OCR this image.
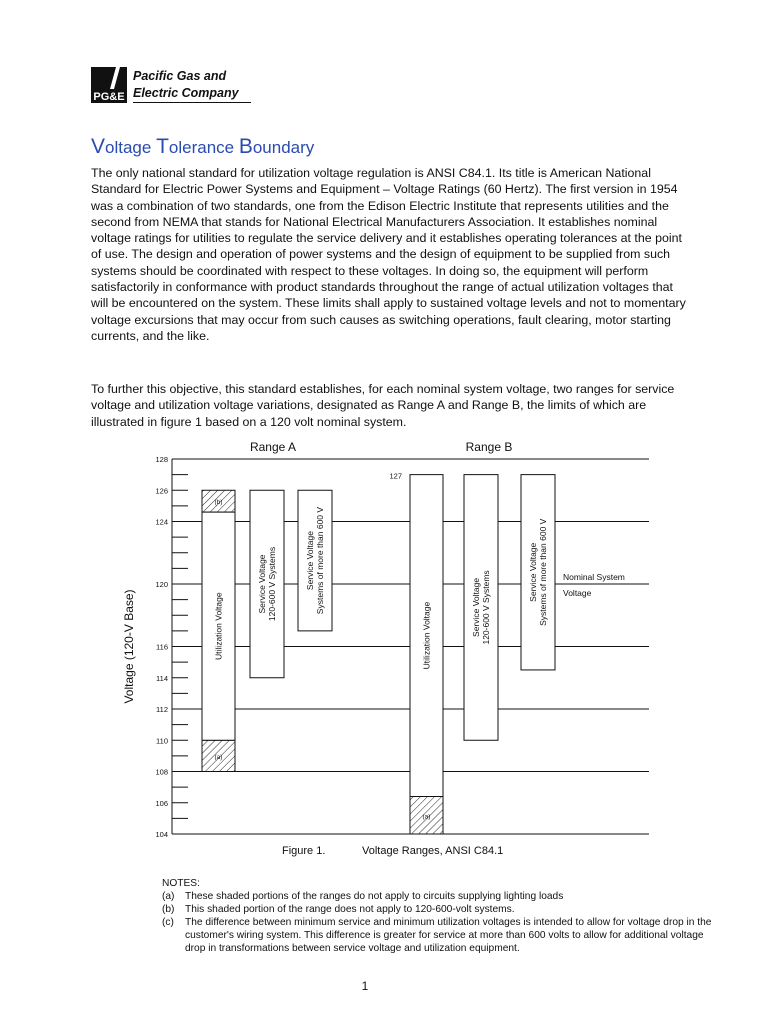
PG&E
Pacific Gas and
Electric Company
Voltage Tolerance Boundary

The only national standard for utilization voltage regulation is ANSI C84.1. Its title is American National Standard for Electric Power Systems and Equipment – Voltage Ratings (60 Hertz). The first version in 1954 was a combination of two standards, one from the Edison Electric Institute that represents utilities and the second from NEMA that stands for National Electrical Manufacturers Association. It establishes nominal voltage ratings for utilities to regulate the service delivery and it establishes operating tolerances at the point of use. The design and operation of power systems and the design of equipment to be supplied from such systems should be coordinated with respect to these voltages. In doing so, the equipment will perform satisfactorily in conformance with product standards throughout the range of actual utilization voltages that will be encountered on the system. These limits shall apply to sustained voltage levels and not to momentary voltage excursions that may occur from such causes as switching operations, fault clearing, motor starting currents, and the like.

To further this objective, this standard establishes, for each nominal system voltage, two ranges for service voltage and utilization voltage variations, designated as Range A and Range B, the limits of which are illustrated in figure 1 based on a 120 volt nominal system.

104
106
108
110
112
114
116
120
124
126
128
Voltage (120-V Base)
Range A	Range B
(b)
(a)
Utilization Voltage
Service Voltage 120-600 V Systems	Service Voltage Systems of more than 600 V
(a)
Utilization Voltage	Service Voltage 120-600 V Systems	Service Voltage Systems of more than 600 V
127
Nominal System
Voltage
Figure 1.	Voltage Ranges, ANSI C84.1
NOTES:
(a)	These shaded portions of the ranges do not apply to circuits supplying lighting loads
(b)	This shaded portion of the range does not apply to 120-600-volt systems.
(c)	The difference between minimum service and minimum utilization voltages is intended to allow for voltage drop in the customer's wiring system. This difference is greater for service at more than 600 volts to allow for additional voltage drop in transformations between service voltage and utilization equipment.
1
